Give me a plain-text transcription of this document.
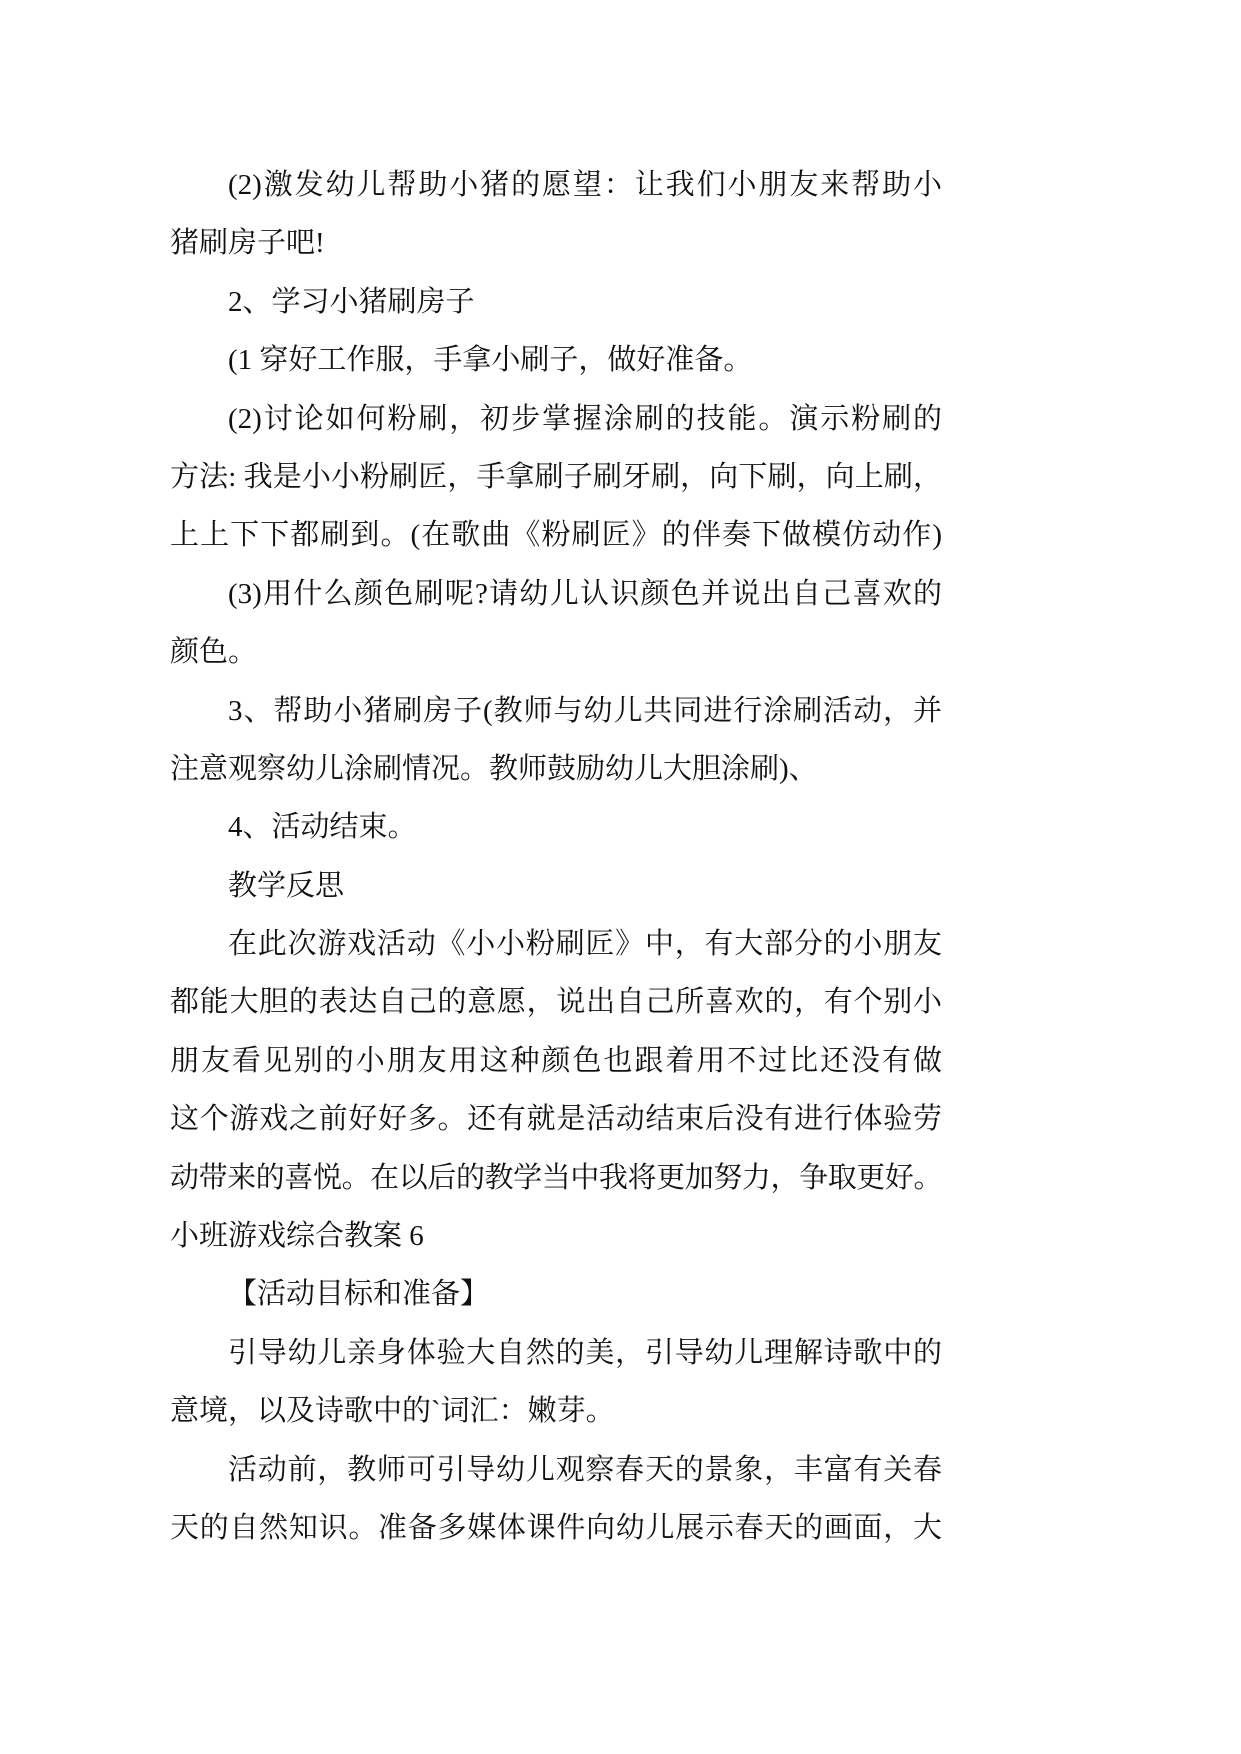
(2)激发幼儿帮助小猪的愿望：让我们小朋友来帮助小
猪刷房子吧!
2、学习小猪刷房子
(1 穿好工作服，手拿小刷子，做好准备。
(2)讨论如何粉刷，初步掌握涂刷的技能。演示粉刷的
方法: 我是小小粉刷匠，手拿刷子刷牙刷，向下刷，向上刷，
上上下下都刷到。(在歌曲《粉刷匠》的伴奏下做模仿动作)
(3)用什么颜色刷呢?请幼儿认识颜色并说出自己喜欢的
颜色。
3、帮助小猪刷房子(教师与幼儿共同进行涂刷活动，并
注意观察幼儿涂刷情况。教师鼓励幼儿大胆涂刷)、
4、活动结束。
教学反思
在此次游戏活动《小小粉刷匠》中，有大部分的小朋友
都能大胆的表达自己的意愿，说出自己所喜欢的，有个别小
朋友看见别的小朋友用这种颜色也跟着用不过比还没有做
这个游戏之前好好多。还有就是活动结束后没有进行体验劳
动带来的喜悦。在以后的教学当中我将更加努力，争取更好。
小班游戏综合教案 6
【活动目标和准备】
引导幼儿亲身体验大自然的美，引导幼儿理解诗歌中的
意境，以及诗歌中的`词汇：嫩芽。
活动前，教师可引导幼儿观察春天的景象，丰富有关春
天的自然知识。准备多媒体课件向幼儿展示春天的画面，大
